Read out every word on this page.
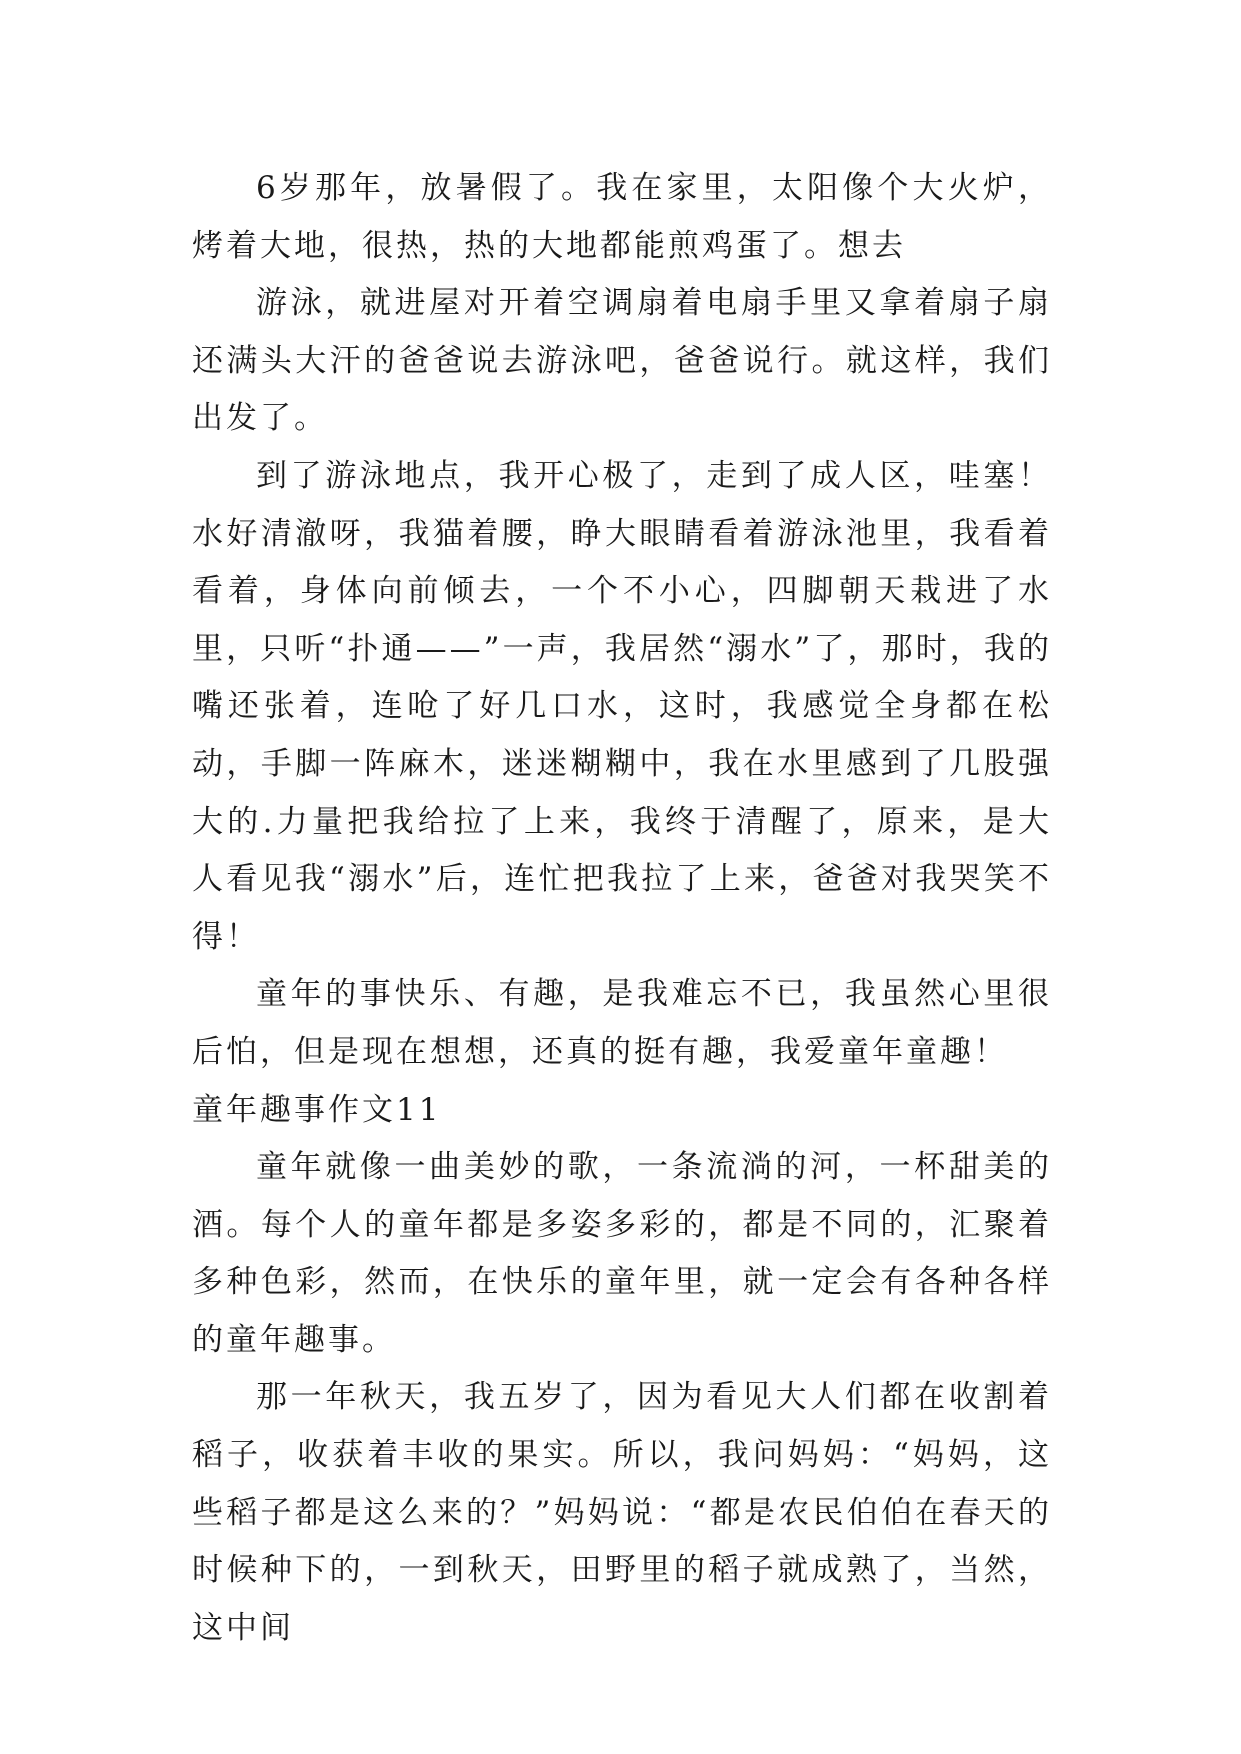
6岁那年，放暑假了。我在家里，太阳像个大火炉，烤着大地，很热，热的大地都能煎鸡蛋了。想去

游泳，就进屋对开着空调扇着电扇手里又拿着扇子扇还满头大汗的爸爸说去游泳吧，爸爸说行。就这样，我们出发了。

到了游泳地点，我开心极了，走到了成人区，哇塞！水好清澈呀，我猫着腰，睁大眼睛看着游泳池里，我看着看着，身体向前倾去，一个不小心，四脚朝天栽进了水里，只听“扑通——”一声，我居然“溺水”了，那时，我的嘴还张着，连呛了好几口水，这时，我感觉全身都在松动，手脚一阵麻木，迷迷糊糊中，我在水里感到了几股强大的.力量把我给拉了上来，我终于清醒了，原来，是大人看见我“溺水”后，连忙把我拉了上来，爸爸对我哭笑不得！

童年的事快乐、有趣，是我难忘不已，我虽然心里很后怕，但是现在想想，还真的挺有趣，我爱童年童趣！

童年趣事作文11

童年就像一曲美妙的歌，一条流淌的河，一杯甜美的酒。每个人的童年都是多姿多彩的，都是不同的，汇聚着多种色彩，然而，在快乐的童年里，就一定会有各种各样的童年趣事。

那一年秋天，我五岁了，因为看见大人们都在收割着稻子，收获着丰收的果实。所以，我问妈妈：“妈妈，这些稻子都是这么来的？”妈妈说：“都是农民伯伯在春天的时候种下的，一到秋天，田野里的稻子就成熟了，当然，这中间
